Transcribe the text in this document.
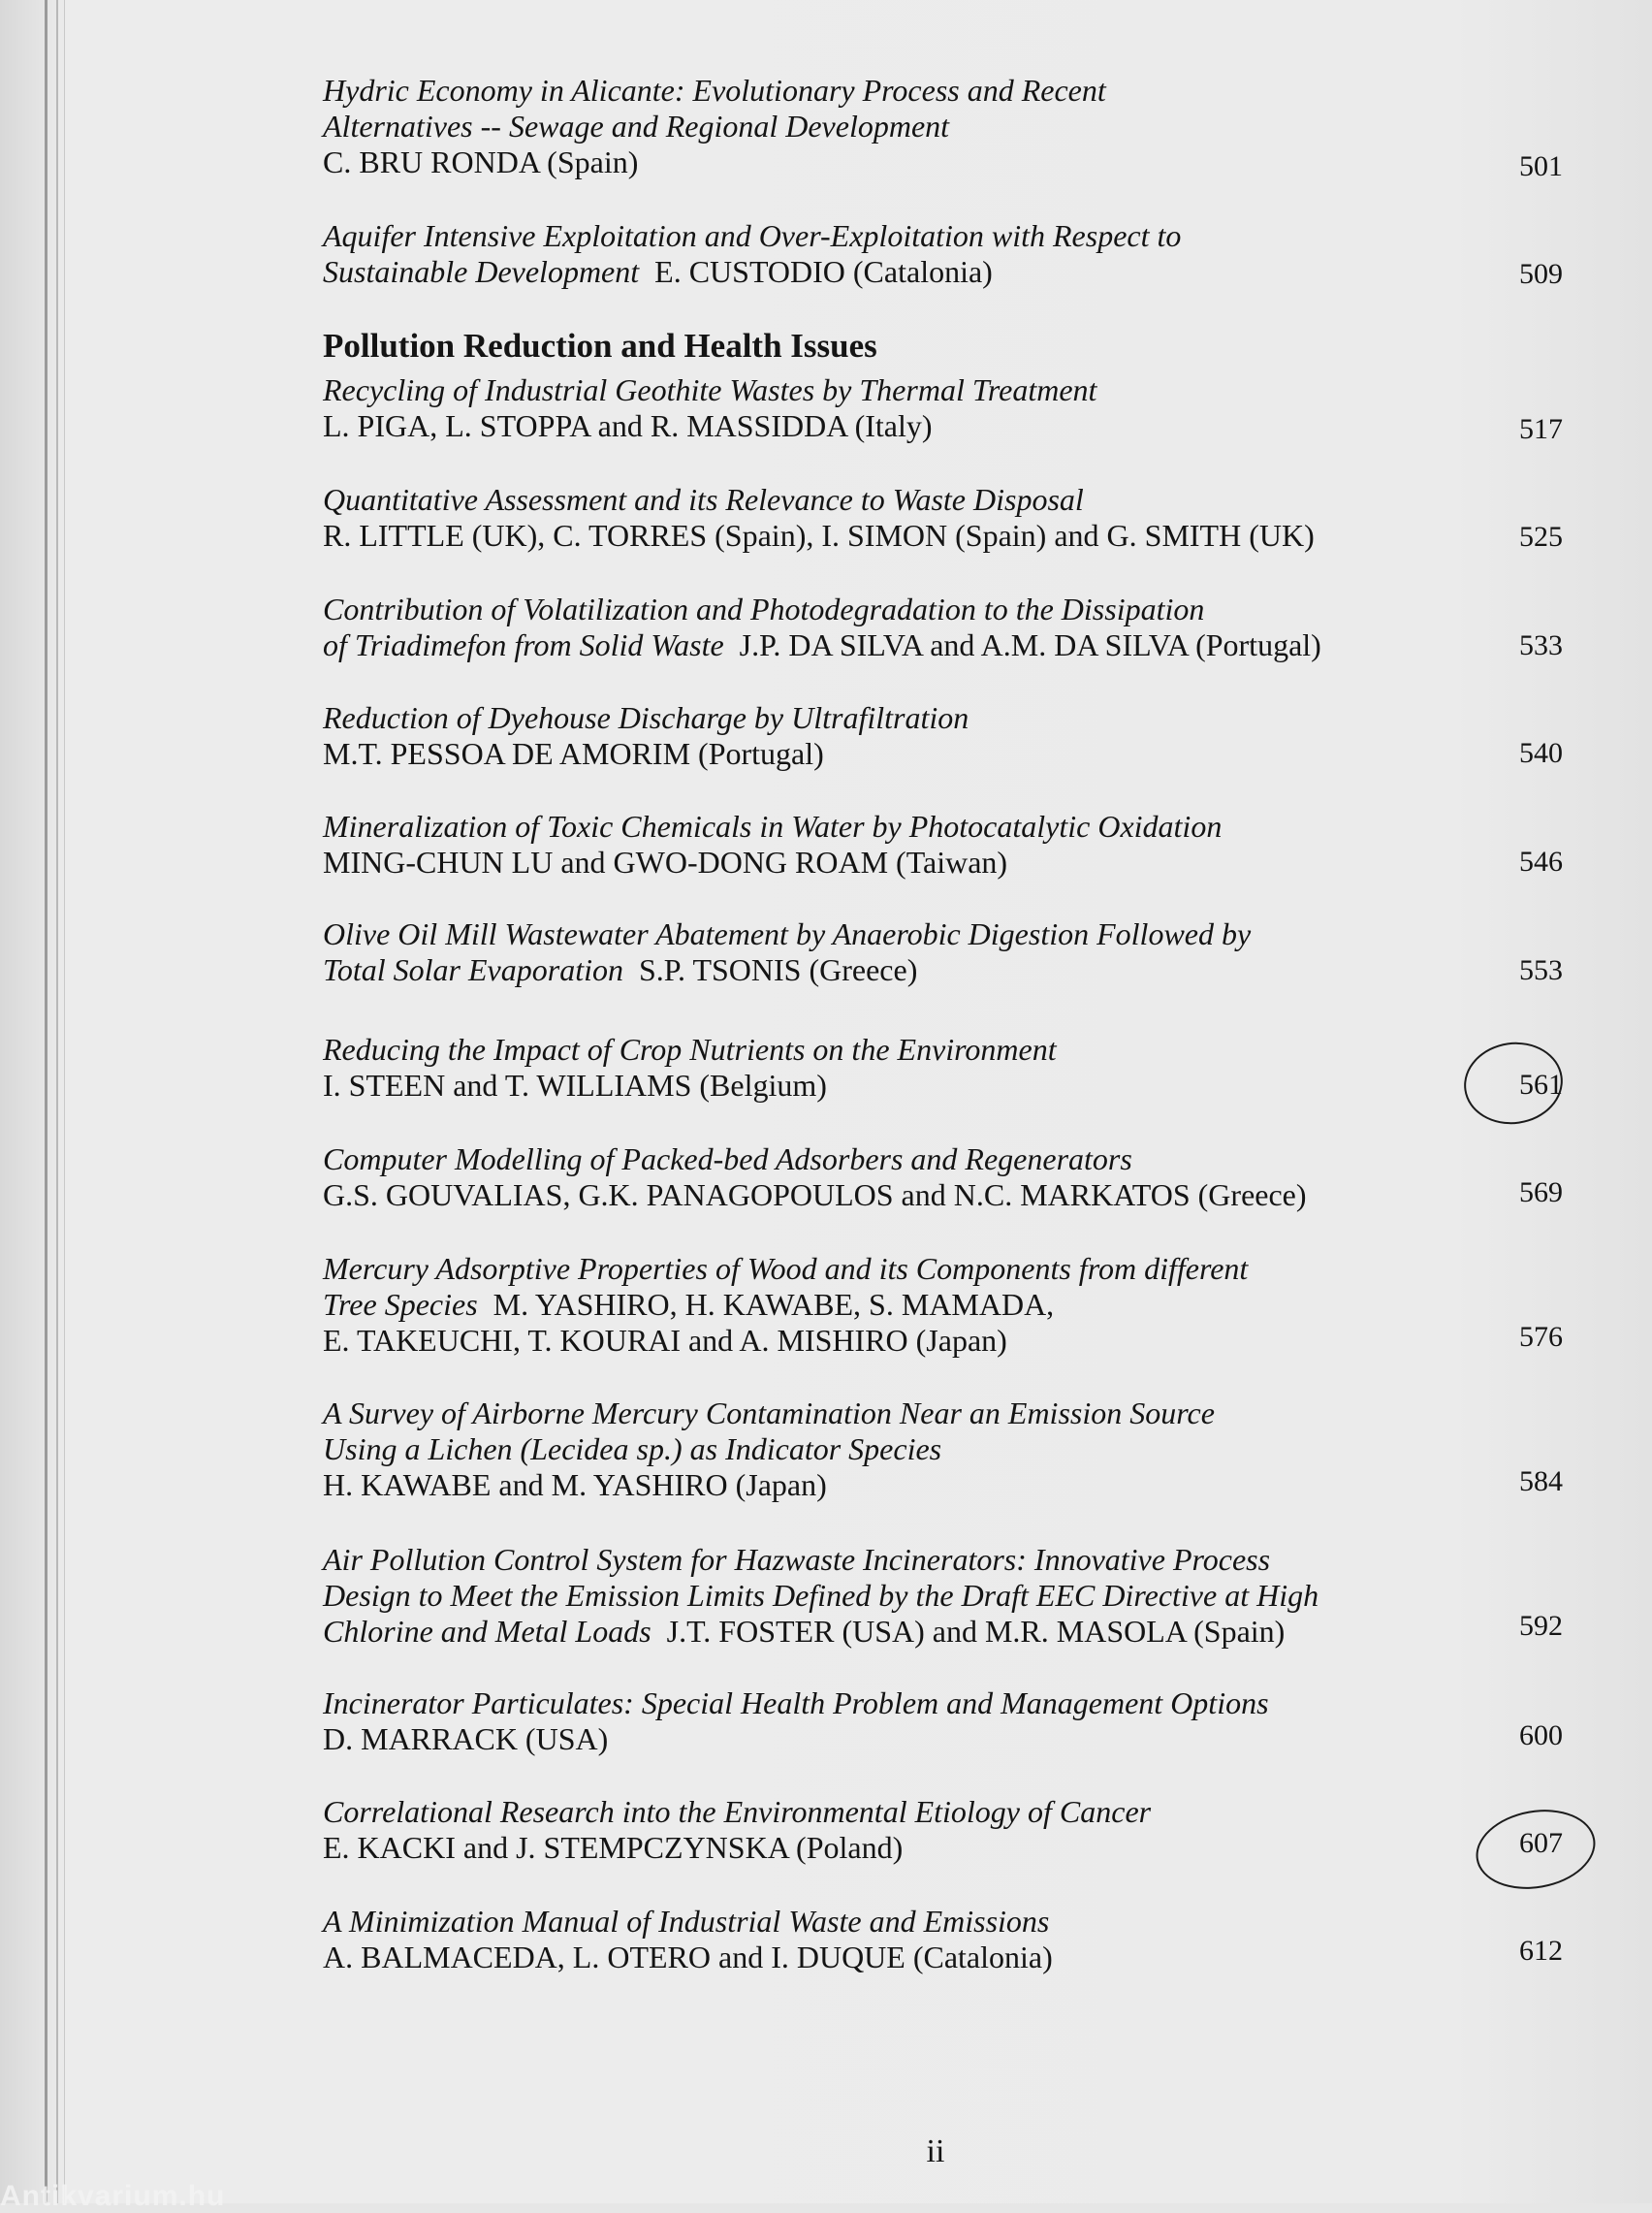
Hydric Economy in Alicante: Evolutionary Process and Recent
Alternatives -- Sewage and Regional Development
C. BRU RONDA (Spain)	501
Aquifer Intensive Exploitation and Over-Exploitation with Respect to
Sustainable Development E. CUSTODIO (Catalonia)	509
Pollution Reduction and Health Issues
Recycling of Industrial Geothite Wastes by Thermal Treatment
L. PIGA, L. STOPPA and R. MASSIDDA (Italy)	517
Quantitative Assessment and its Relevance to Waste Disposal
R. LITTLE (UK), C. TORRES (Spain), I. SIMON (Spain) and G. SMITH (UK)	525
Contribution of Volatilization and Photodegradation to the Dissipation
of Triadimefon from Solid Waste J.P. DA SILVA and A.M. DA SILVA (Portugal)	533
Reduction of Dyehouse Discharge by Ultrafiltration
M.T. PESSOA DE AMORIM (Portugal)	540
Mineralization of Toxic Chemicals in Water by Photocatalytic Oxidation
MING-CHUN LU and GWO-DONG ROAM (Taiwan)	546
Olive Oil Mill Wastewater Abatement by Anaerobic Digestion Followed by
Total Solar Evaporation S.P. TSONIS (Greece)	553
Reducing the Impact of Crop Nutrients on the Environment
I. STEEN and T. WILLIAMS (Belgium)	561
Computer Modelling of Packed-bed Adsorbers and Regenerators
G.S. GOUVALIAS, G.K. PANAGOPOULOS and N.C. MARKATOS (Greece)	569
Mercury Adsorptive Properties of Wood and its Components from different
Tree Species M. YASHIRO, H. KAWABE, S. MAMADA,
E. TAKEUCHI, T. KOURAI and A. MISHIRO (Japan)	576
A Survey of Airborne Mercury Contamination Near an Emission Source
Using a Lichen (Lecidea sp.) as Indicator Species
H. KAWABE and M. YASHIRO (Japan)	584
Air Pollution Control System for Hazwaste Incinerators: Innovative Process
Design to Meet the Emission Limits Defined by the Draft EEC Directive at High
Chlorine and Metal Loads J.T. FOSTER (USA) and M.R. MASOLA (Spain)	592
Incinerator Particulates: Special Health Problem and Management Options
D. MARRACK (USA)	600
Correlational Research into the Environmental Etiology of Cancer
E. KACKI and J. STEMPCZYNSKA (Poland)	607
A Minimization Manual of Industrial Waste and Emissions
A. BALMACEDA, L. OTERO and I. DUQUE (Catalonia)	612
ii
Antikvarium.hu
